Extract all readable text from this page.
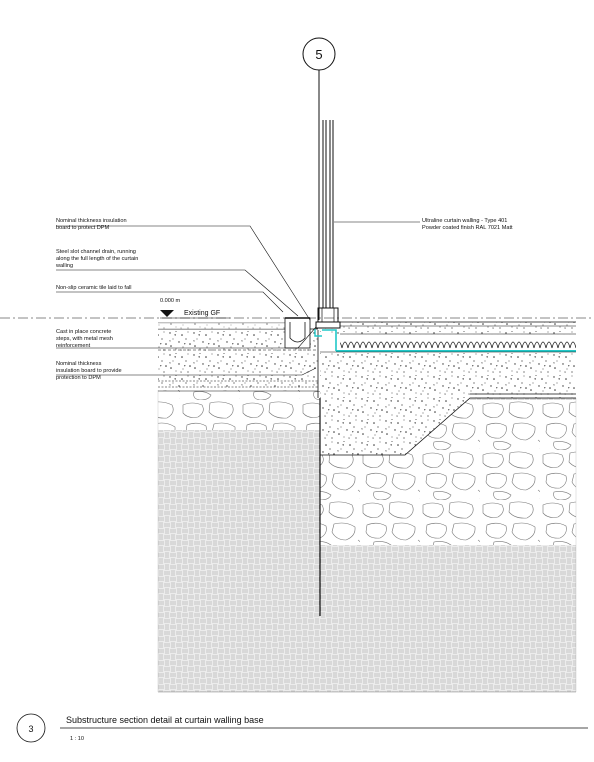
5
Nominal thickness insulation board to protect DPM
Steel slot channel drain, running along the full length of the curtain walling
Non-slip ceramic tile laid to fall
Cast in place concrete steps, with metal mesh reinforcement
Nominal thickness insulation board to provide protection to DPM
Ultraline curtain walling - Type 401 Powder coated finish RAL 7021 Matt
0.000 m
Existing GF
3
Substructure section detail at curtain walling base
1 : 10
